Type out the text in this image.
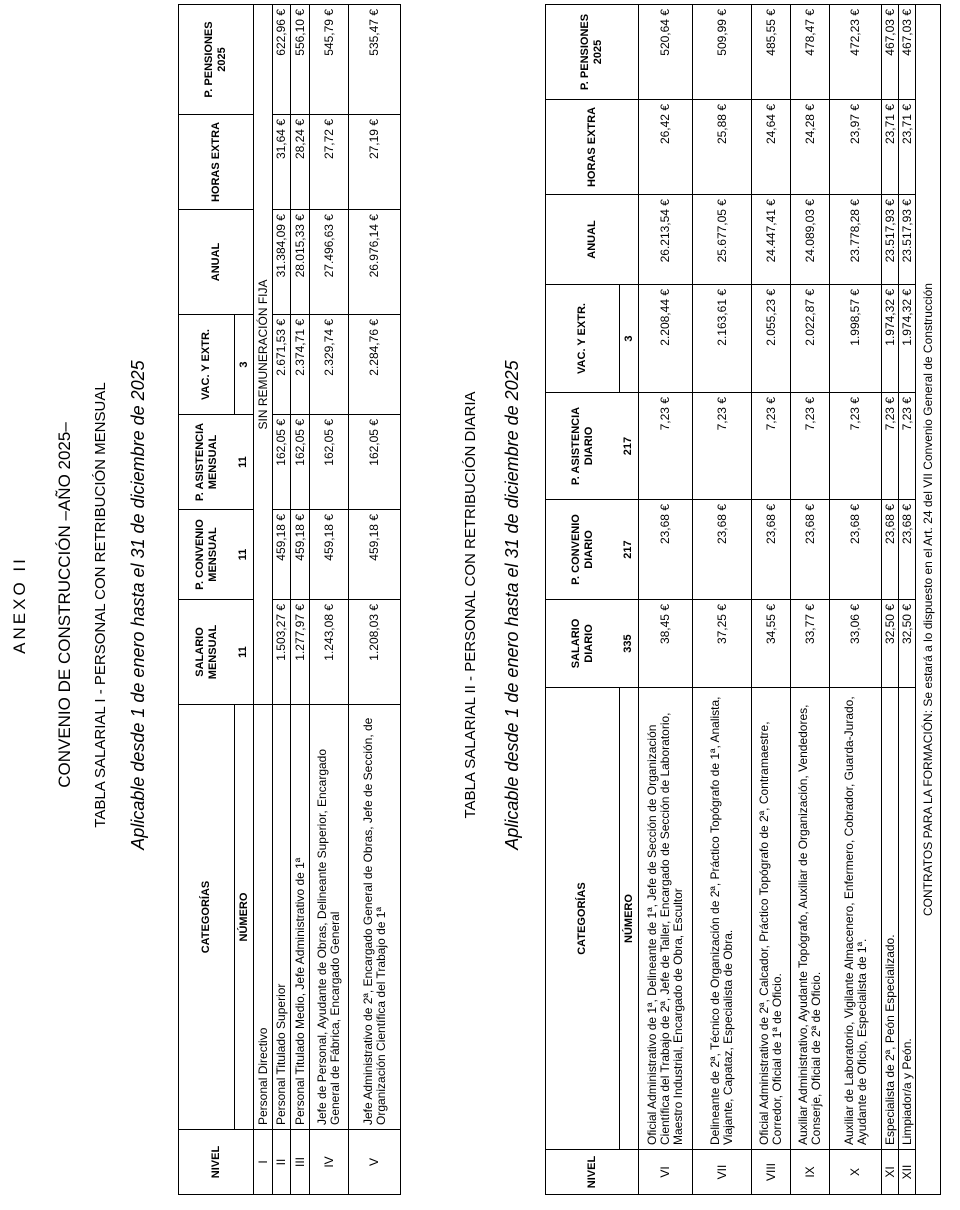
ANEXO II CONVENIO DE CONSTRUCCIÓN –AÑO 2025– TABLA SALARIAL I - PERSONAL CON RETRIBUCIÓN MENSUAL Aplicable desde 1 de enero hasta el 31 de diciembre de 2025
NIVEL	CATEGORÍAS	SALARIO MENSUAL	P. CONVENIO MENSUAL	P. ASISTENCIA MENSUAL	VAC. Y EXTR.	ANUAL	HORAS EXTRA	P. PENSIONES 2025
	NÚMERO	11	11	11	3			
I	Personal Directivo	SIN REMUNERACIÓN FIJA						
II	Personal Titulado Superior	1.503,27 €	459,18 €	162,05 €	2.671,53 €	31.384,09 €	31,64 €	622,96 €
III	Personal Titulado Medio, Jefe Administrativo de 1ª	1.277,97 €	459,18 €	162,05 €	2.374,71 €	28.015,33 €	28,24 €	556,10 €
IV	Jefe de Personal, Ayudante de Obras, Delineante Superior, Encargado General de Fábrica, Encargado General	1.243,08 €	459,18 €	162,05 €	2.329,74 €	27.496,63 €	27,72 €	545,79 €
V	Jefe Administrativo de 2ª, Encargado General de Obras, Jefe de Sección, de Organización Científica del Trabajo de 1ª	1.208,03 €	459,18 €	162,05 €	2.284,76 €	26.976,14 €	27,19 €	535,47 €
TABLA SALARIAL II - PERSONAL CON RETRIBUCIÓN DIARIA Aplicable desde 1 de enero hasta el 31 de diciembre de 2025
NIVEL	CATEGORÍAS	SALARIO DIARIO	P. CONVENIO DIARIO	P. ASISTENCIA DIARIO	VAC. Y EXTR.	ANUAL	HORAS EXTRA	P. PENSIONES 2025
	NÚMERO	335	217	217	3			
VI	Oficial Administrativo de 1ª, Delineante de 1ª, Jefe de Sección de Organización Científica del Trabajo de 2ª, Jefe de Taller, Encargado de Sección de Laboratorio, Maestro Industrial, Encargado de Obra, Escultor	38,45 €	23,68 €	7,23 €	2.208,44 €	26.213,54 €	26,42 €	520,64 €
VII	Delineante de 2ª, Técnico de Organización de 2ª, Práctico Topógrafo de 1ª, Analista, Viajante, Capataz, Especialista de Obra.	37,25 €	23,68 €	7,23 €	2.163,61 €	25.677,05 €	25,88 €	509,99 €
VIII	Oficial Administrativo de 2ª, Calcador, Práctico Topógrafo de 2ª, Contramaestre, Corredor, Oficial de 1ª de Oficio.	34,55 €	23,68 €	7,23 €	2.055,23 €	24.447,41 €	24,64 €	485,55 €
IX	Auxiliar Administrativo, Ayudante Topógrafo, Auxiliar de Organización, Vendedores, Conserje, Oficial de 2ª de Oficio.	33,77 €	23,68 €	7,23 €	2.022,87 €	24.089,03 €	24,28 €	478,47 €
X	Auxiliar de Laboratorio, Vigilante Almacenero, Enfermero, Cobrador, Guarda-Jurado, Ayudante de Oficio, Especialista de 1ª.	33,06 €	23,68 €	7,23 €	1.998,57 €	23.778,28 €	23,97 €	472,23 €
XI	Especialista de 2ª, Peón Especializado.	32,50 €	23,68 €	7,23 €	1.974,32 €	23.517,93 €	23,71 €	467,03 €
XII	Limpiador/a y Peón.	32,50 €	23,68 €	7,23 €	1.974,32 €	23.517,93 €	23,71 €	467,03 €
CONTRATOS PARA LA FORMACIÓN: Se estará a lo dispuesto en el Art. 24 del VII Convenio General de Construcción								
